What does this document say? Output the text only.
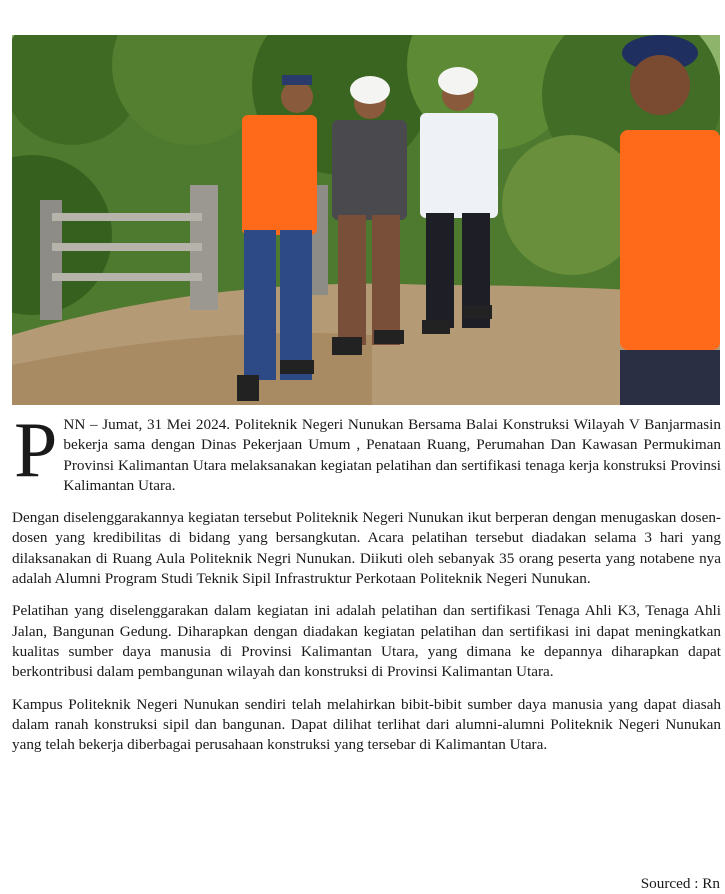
PNN – Jumat, 31 Mei 2024. Politeknik Negeri Nunukan Bersama Balai Konstruksi Wilayah V Banjarmasin bekerja sama dengan Dinas Pekerjaan Umum , Penataan Ruang, Perumahan Dan Kawasan Permukiman Provinsi Kalimantan Utara melaksanakan kegiatan pelatihan dan sertifikasi tenaga kerja konstruksi Provinsi Kalimantan Utara.

Dengan diselenggarakannya kegiatan tersebut Politeknik Negeri Nunukan ikut berperan dengan menugaskan dosen-dosen yang kredibilitas di bidang yang bersangkutan. Acara pelatihan tersebut diadakan selama 3 hari yang dilaksanakan di Ruang Aula Politeknik Negri Nunukan. Diikuti oleh sebanyak 35 orang peserta yang notabene nya adalah Alumni Program Studi Teknik Sipil Infrastruktur Perkotaan Politeknik Negeri Nunukan.

Pelatihan yang diselenggarakan dalam kegiatan ini adalah pelatihan dan sertifikasi Tenaga Ahli K3, Tenaga Ahli Jalan, Bangunan Gedung. Diharapkan dengan diadakan kegiatan pelatihan dan sertifikasi ini dapat meningkatkan kualitas sumber daya manusia di Provinsi Kalimantan Utara, yang dimana ke depannya diharapkan dapat berkontribusi dalam pembangunan wilayah dan konstruksi di Provinsi Kalimantan Utara.

Kampus Politeknik Negeri Nunukan sendiri telah melahirkan bibit-bibit sumber daya manusia yang dapat diasah dalam ranah konstruksi sipil dan bangunan. Dapat dilihat terlihat dari alumni-alumni Politeknik Negeri Nunukan yang telah bekerja diberbagai perusahaan konstruksi yang tersebar di Kalimantan Utara.

Sourced : Rn
